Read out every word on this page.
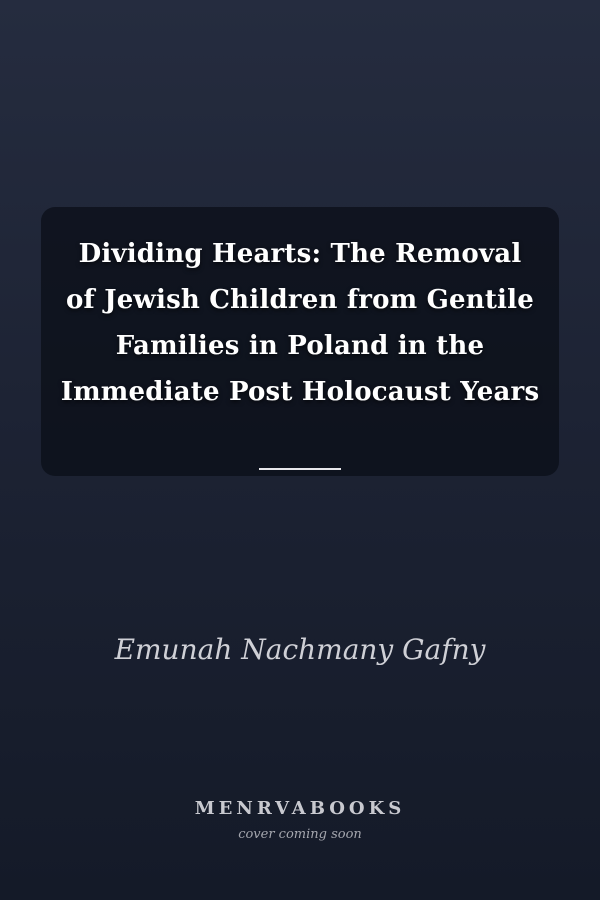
Dividing Hearts: The Removal of Jewish Children from Gentile Families in Poland in the Immediate Post Holocaust Years
Emunah Nachmany Gafny
MENRVABOOKS
cover coming soon
